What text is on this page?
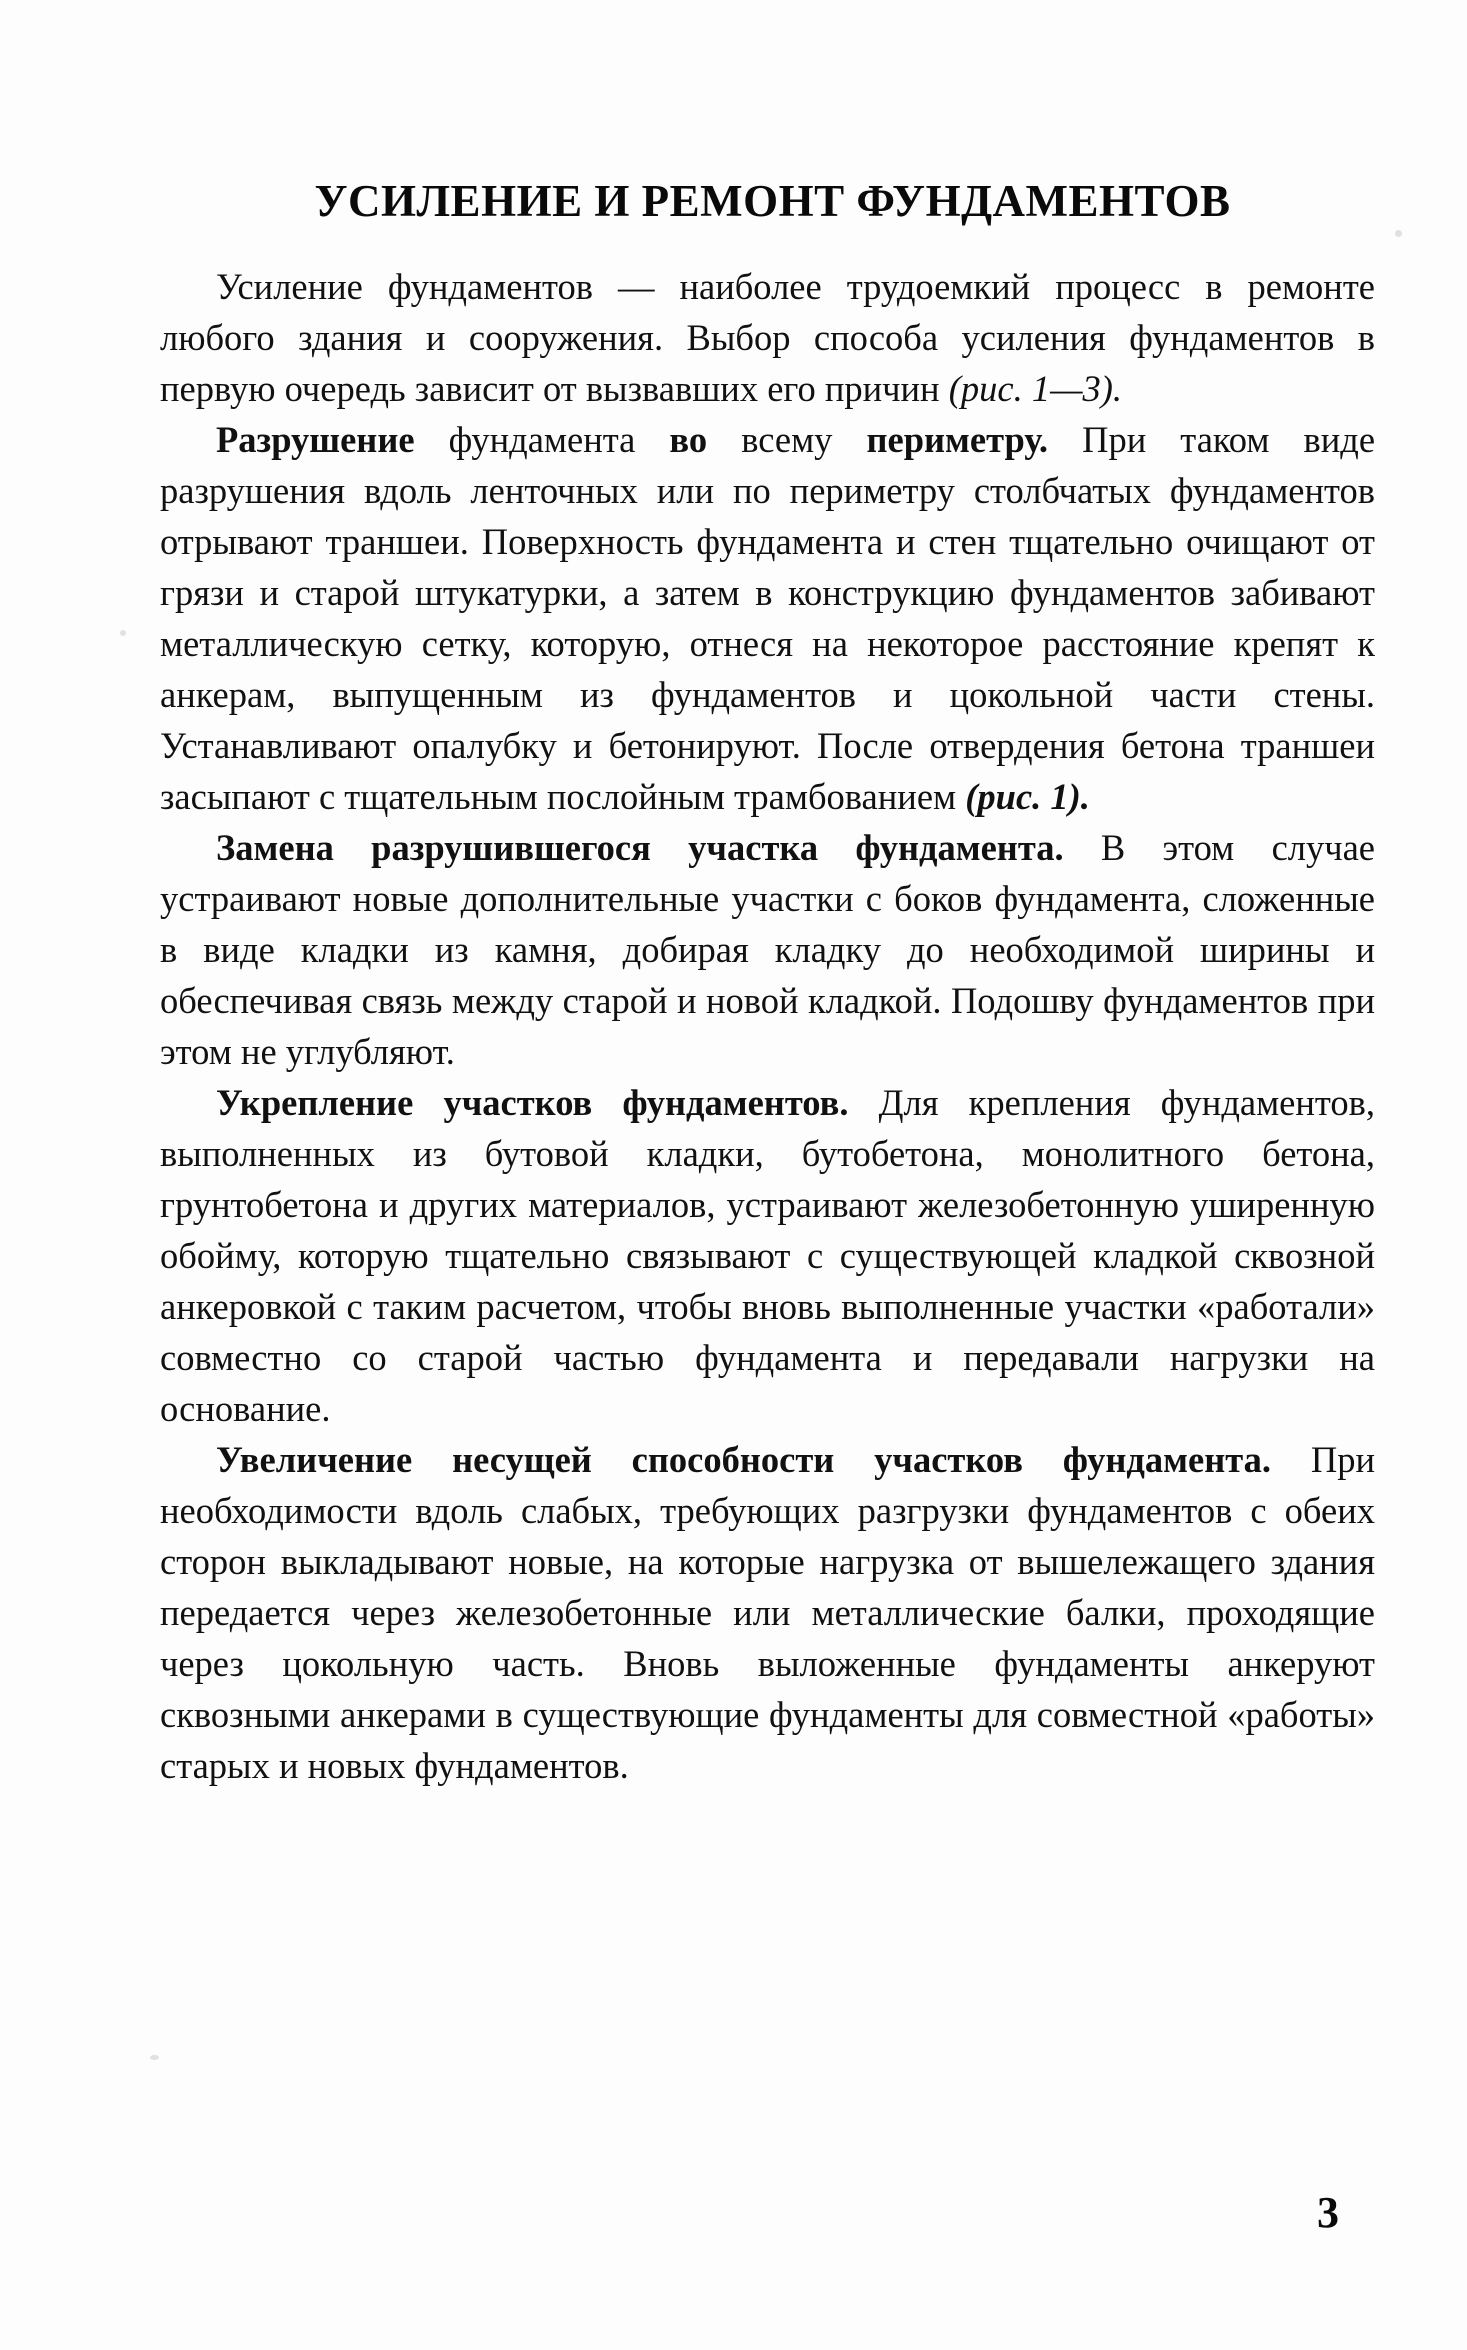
УСИЛЕНИЕ И РЕМОНТ ФУНДАМЕНТОВ

Усиление фундаментов — наиболее трудоемкий процесс в ремонте любого здания и сооружения. Выбор способа усиления фундаментов в первую очередь зависит от вызвавших его причин (рис. 1—3).

Разрушение фундамента во всему периметру. При таком виде разрушения вдоль ленточных или по периметру столбчатых фундаментов отрывают траншеи. Поверхность фундамента и стен тщательно очищают от грязи и старой штукатурки, а затем в конструкцию фундаментов забивают металлическую сетку, которую, отнеся на некоторое расстояние крепят к анкерам, выпущенным из фундаментов и цокольной части стены. Устанавливают опалубку и бетонируют. После отвердения бетона траншеи засыпают с тщательным послойным трамбованием (рис. 1).

Замена разрушившегося участка фундамента. В этом случае устраивают новые дополнительные участки с боков фундамента, сложенные в виде кладки из камня, добирая кладку до необходимой ширины и обеспечивая связь между старой и новой кладкой. Подошву фундаментов при этом не углубляют.

Укрепление участков фундаментов. Для крепления фундаментов, выполненных из бутовой кладки, бутобетона, монолитного бетона, грунтобетона и других материалов, устраивают железобетонную уширенную обойму, которую тщательно связывают с существующей кладкой сквозной анкеровкой с таким расчетом, чтобы вновь выполненные участки «работали» совместно со старой частью фундамента и передавали нагрузки на основание.

Увеличение несущей способности участков фундамента. При необходимости вдоль слабых, требующих разгрузки фундаментов с обеих сторон выкладывают новые, на которые нагрузка от вышележащего здания передается через железобетонные или металлические балки, проходящие через цокольную часть. Вновь выложенные фундаменты анкеруют сквозными анкерами в существующие фундаменты для совместной «работы» старых и новых фундаментов.

3
